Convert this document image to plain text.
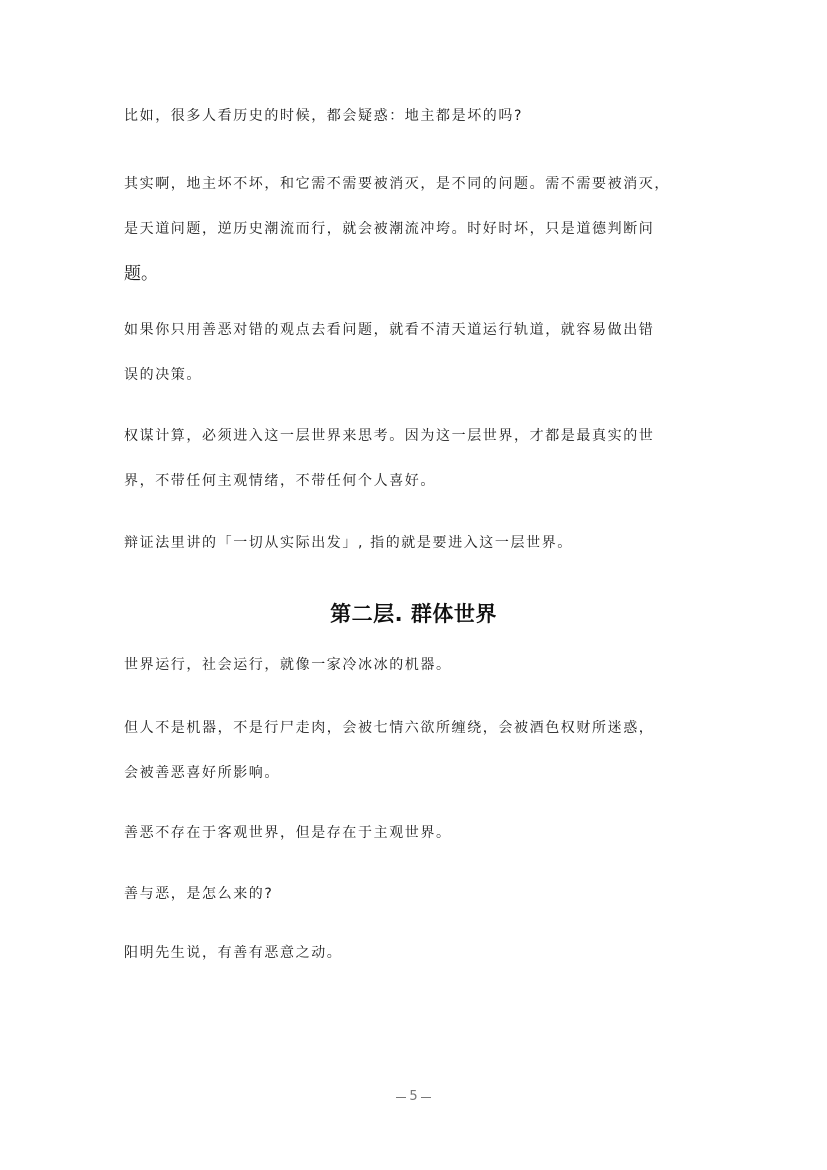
比如，很多人看历史的时候，都会疑惑：地主都是坏的吗?

其实啊，地主坏不坏，和它需不需要被消灭，是不同的问题。需不需要被消灭，
是天道问题，逆历史潮流而行，就会被潮流冲垮。时好时坏，只是道德判断问
题。

如果你只用善恶对错的观点去看问题，就看不清天道运行轨道，就容易做出错
误的决策。

权谋计算，必须进入这一层世界来思考。因为这一层世界，才都是最真实的世
界，不带任何主观情绪，不带任何个人喜好。

辩证法里讲的「一切从实际出发」, 指的就是要进入这一层世界。

第二层. 群体世界

世界运行，社会运行，就像一家冷冰冰的机器。

但人不是机器，不是行尸走肉，会被七情六欲所缠绕，会被酒色权财所迷惑，
会被善恶喜好所影响。

善恶不存在于客观世界，但是存在于主观世界。

善与恶，是怎么来的?

阳明先生说，有善有恶意之动。

5
